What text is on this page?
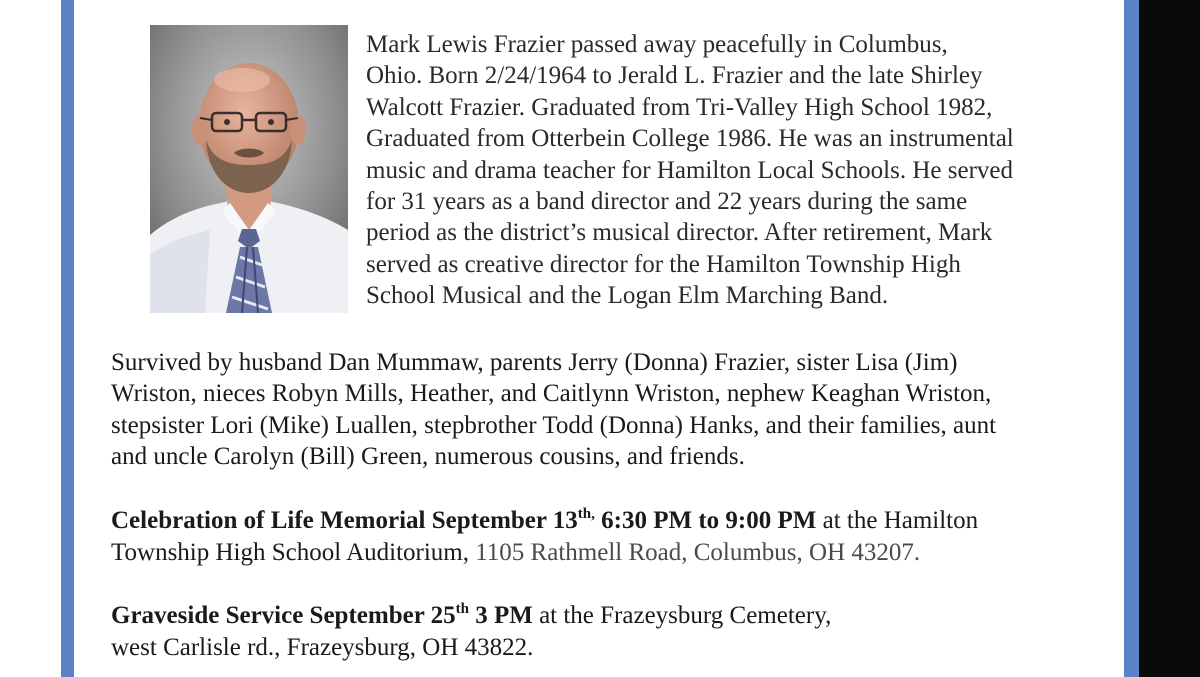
Mark Lewis Frazier passed away peacefully in Columbus,
Ohio. Born 2/24/1964 to Jerald L. Frazier and the late Shirley
Walcott Frazier. Graduated from Tri-Valley High School 1982,
Graduated from Otterbein College 1986. He was an instrumental
music and drama teacher for Hamilton Local Schools. He served
for 31 years as a band director and 22 years during the same
period as the district’s musical director. After retirement, Mark
served as creative director for the Hamilton Township High
School Musical and the Logan Elm Marching Band.
Survived by husband Dan Mummaw, parents Jerry (Donna) Frazier, sister Lisa (Jim)
Wriston, nieces Robyn Mills, Heather, and Caitlynn Wriston, nephew Keaghan Wriston,
stepsister Lori (Mike) Luallen, stepbrother Todd (Donna) Hanks, and their families, aunt
and uncle Carolyn (Bill) Green, numerous cousins, and friends.
Celebration of Life Memorial September $13^{th,}$ 6:30 PM to 9:00 PM at the Hamilton
Township High School Auditorium, 1105 Rathmell Road, Columbus, OH 43207.
Graveside Service September 25th 3 PM at the Frazeysburg Cemetery,
west Carlisle rd., Frazeysburg, OH 43822.
